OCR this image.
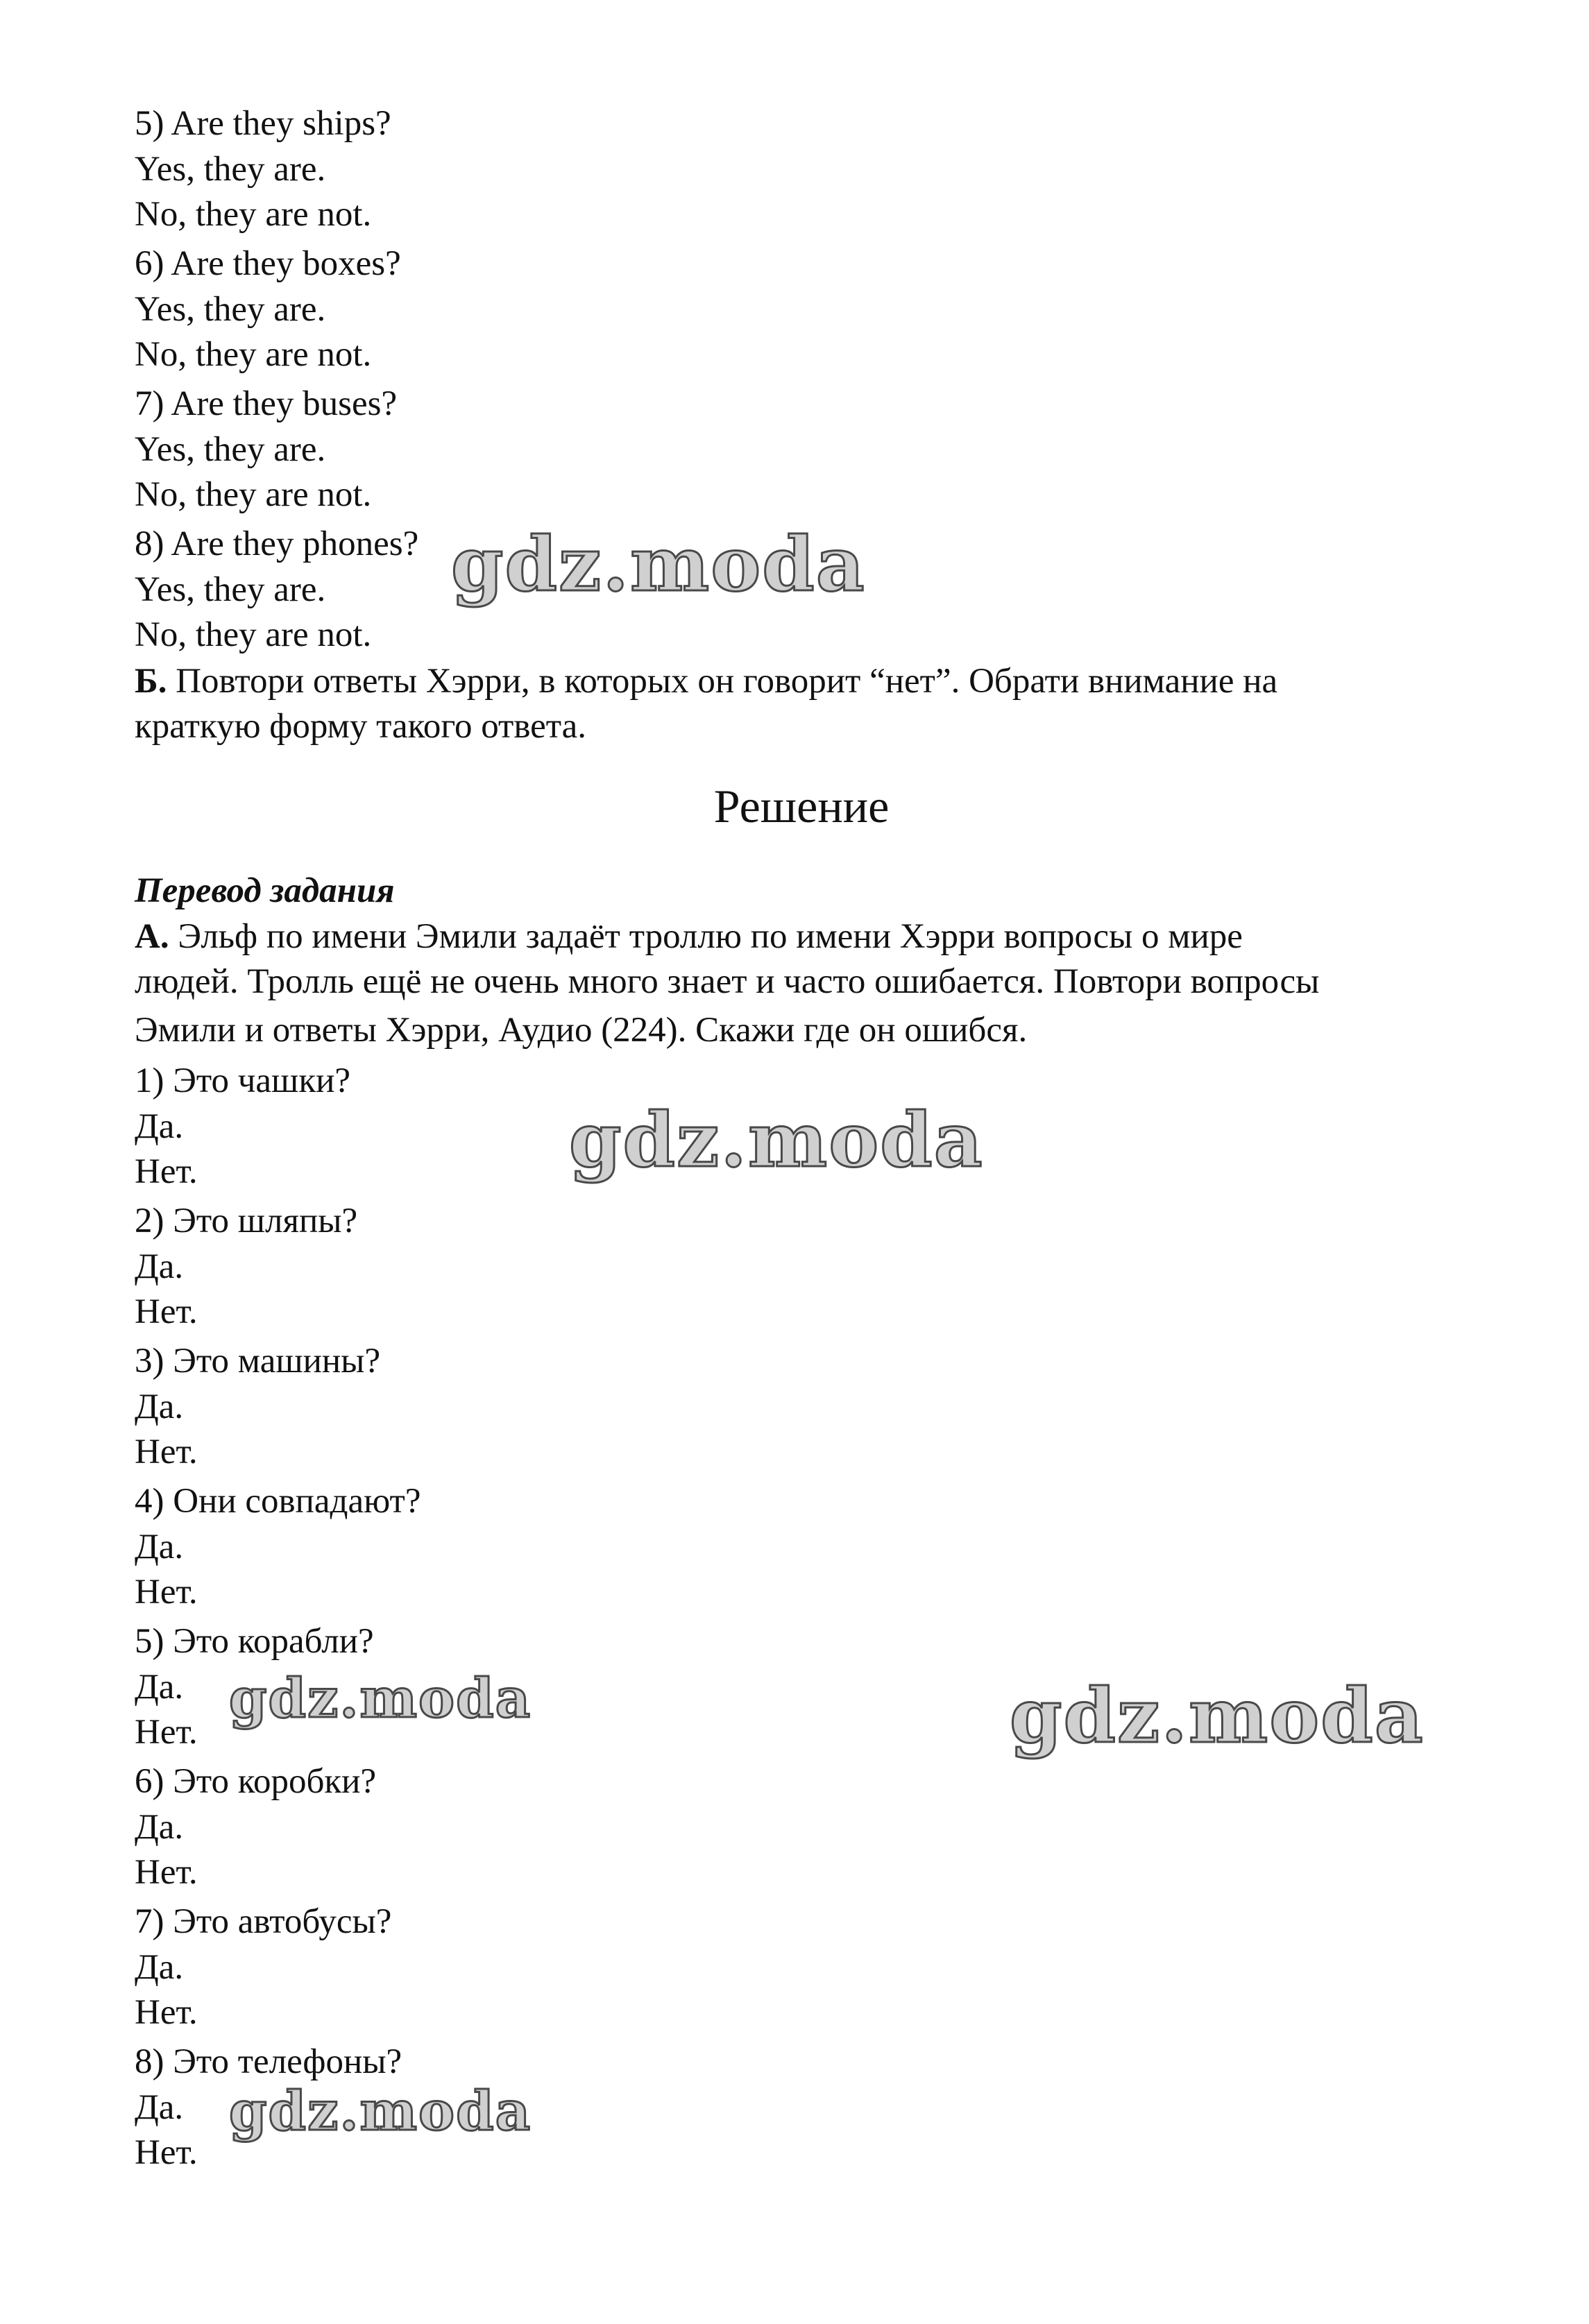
5) Are they ships?
Yes, they are.
No, they are not.
6) Are they boxes?
Yes, they are.
No, they are not.
7) Are they buses?
Yes, they are.
No, they are not.
8) Are they phones?
Yes, they are.
No, they are not.
Б. Повтори ответы Хэрри, в которых он говорит “нет”. Обрати внимание на
краткую форму такого ответа.
Решение
Перевод задания
А. Эльф по имени Эмили задаёт троллю по имени Хэрри вопросы о мире
людей. Тролль ещё не очень много знает и часто ошибается. Повтори вопросы
Эмили и ответы Хэрри, Аудио (224). Скажи где он ошибся.
1) Это чашки?
Да.
Нет.
2) Это шляпы?
Да.
Нет.
3) Это машины?
Да.
Нет.
4) Они совпадают?
Да.
Нет.
5) Это корабли?
Да.
Нет.
6) Это коробки?
Да.
Нет.
7) Это автобусы?
Да.
Нет.
8) Это телефоны?
Да.
Нет.
gdz.moda
gdz.moda
gdz.moda	gdz.moda
gdz.moda
